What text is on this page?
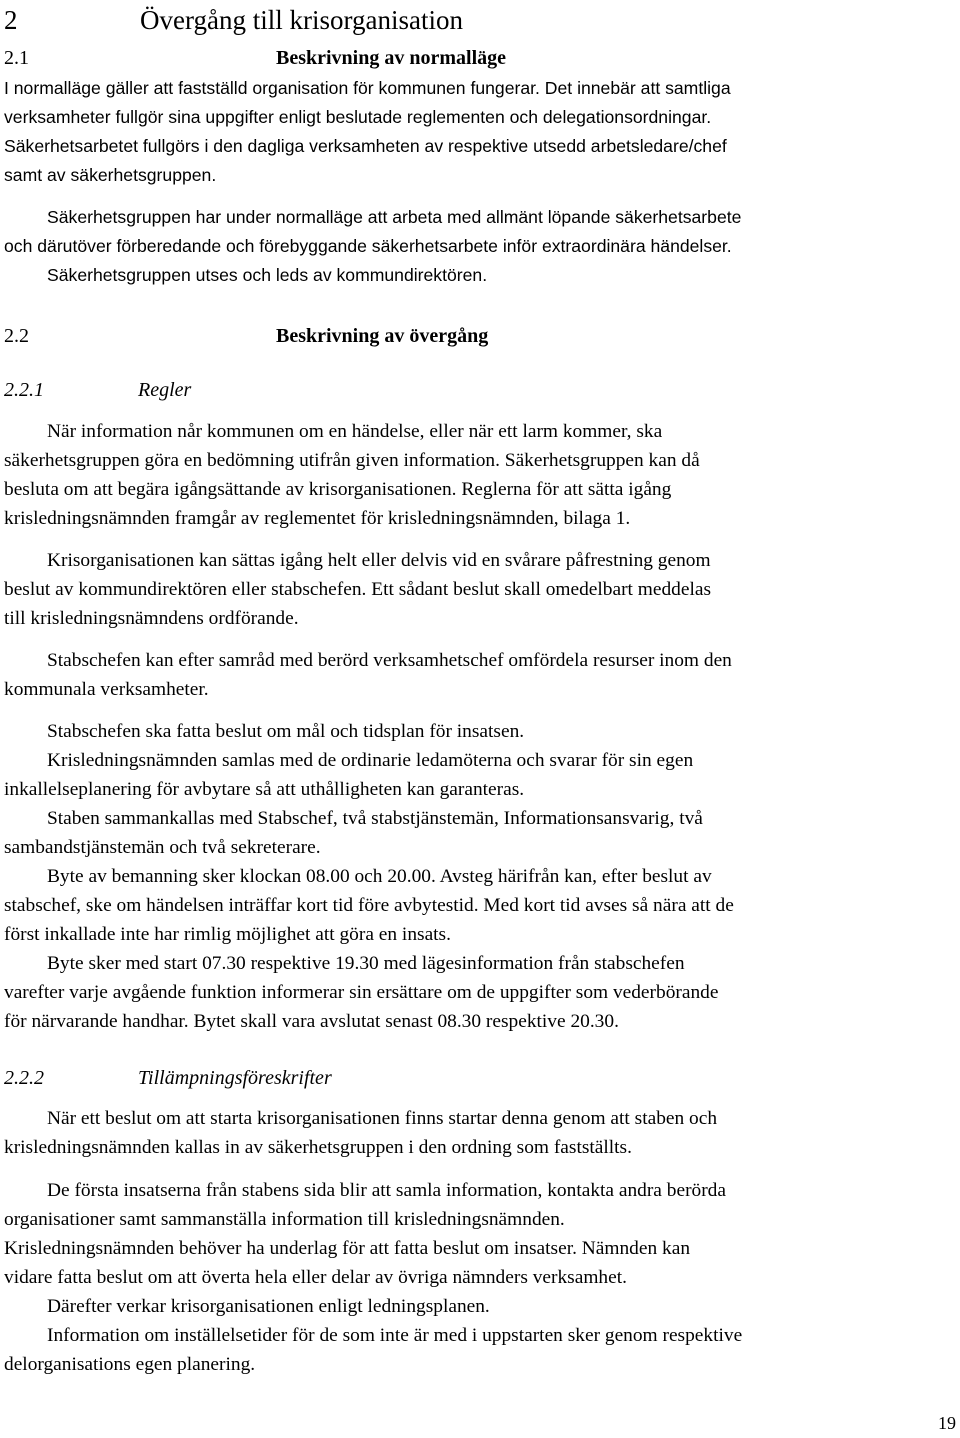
2	Övergång till krisorganisation
2.1	Beskrivning av normalläge
I normalläge gäller att fastställd organisation för kommunen fungerar. Det innebär att samtliga
verksamheter fullgör sina uppgifter enligt beslutade reglementen och delegationsordningar.
Säkerhetsarbetet fullgörs i den dagliga verksamheten av respektive utsedd arbetsledare/chef
samt av säkerhetsgruppen.
Säkerhetsgruppen har under normalläge att arbeta med allmänt löpande säkerhetsarbete
och därutöver förberedande och förebyggande säkerhetsarbete inför extraordinära händelser.
Säkerhetsgruppen utses och leds av kommundirektören.
2.2	Beskrivning av övergång
2.2.1	Regler
När information når kommunen om en händelse, eller när ett larm kommer, ska
säkerhetsgruppen göra en bedömning utifrån given information. Säkerhetsgruppen kan då
besluta om att begära igångsättande av krisorganisationen. Reglerna för att sätta igång
krisledningsnämnden framgår av reglementet för krisledningsnämnden, bilaga 1.
Krisorganisationen kan sättas igång helt eller delvis vid en svårare påfrestning genom
beslut av kommundirektören eller stabschefen. Ett sådant beslut skall omedelbart meddelas
till krisledningsnämndens ordförande.
Stabschefen kan efter samråd med berörd verksamhetschef omfördela resurser inom den
kommunala verksamheter.
Stabschefen ska fatta beslut om mål och tidsplan för insatsen.
Krisledningsnämnden samlas med de ordinarie ledamöterna och svarar för sin egen
inkallelseplanering för avbytare så att uthålligheten kan garanteras.
Staben sammankallas med Stabschef, två stabstjänstemän, Informationsansvarig, två
sambandstjänstemän och två sekreterare.
Byte av bemanning sker klockan 08.00 och 20.00. Avsteg härifrån kan, efter beslut av
stabschef, ske om händelsen inträffar kort tid före avbytestid. Med kort tid avses så nära att de
först inkallade inte har rimlig möjlighet att göra en insats.
Byte sker med start 07.30 respektive 19.30 med lägesinformation från stabschefen
varefter varje avgående funktion informerar sin ersättare om de uppgifter som vederbörande
för närvarande handhar. Bytet skall vara avslutat senast 08.30 respektive 20.30.
2.2.2	Tillämpningsföreskrifter
När ett beslut om att starta krisorganisationen finns startar denna genom att staben och
krisledningsnämnden kallas in av säkerhetsgruppen i den ordning som fastställts.
De första insatserna från stabens sida blir att samla information, kontakta andra berörda
organisationer samt sammanställa information till krisledningsnämnden.
Krisledningsnämnden behöver ha underlag för att fatta beslut om insatser. Nämnden kan
vidare fatta beslut om att överta hela eller delar av övriga nämnders verksamhet.
Därefter verkar krisorganisationen enligt ledningsplanen.
Information om inställelsetider för de som inte är med i uppstarten sker genom respektive
delorganisations egen planering.
19
